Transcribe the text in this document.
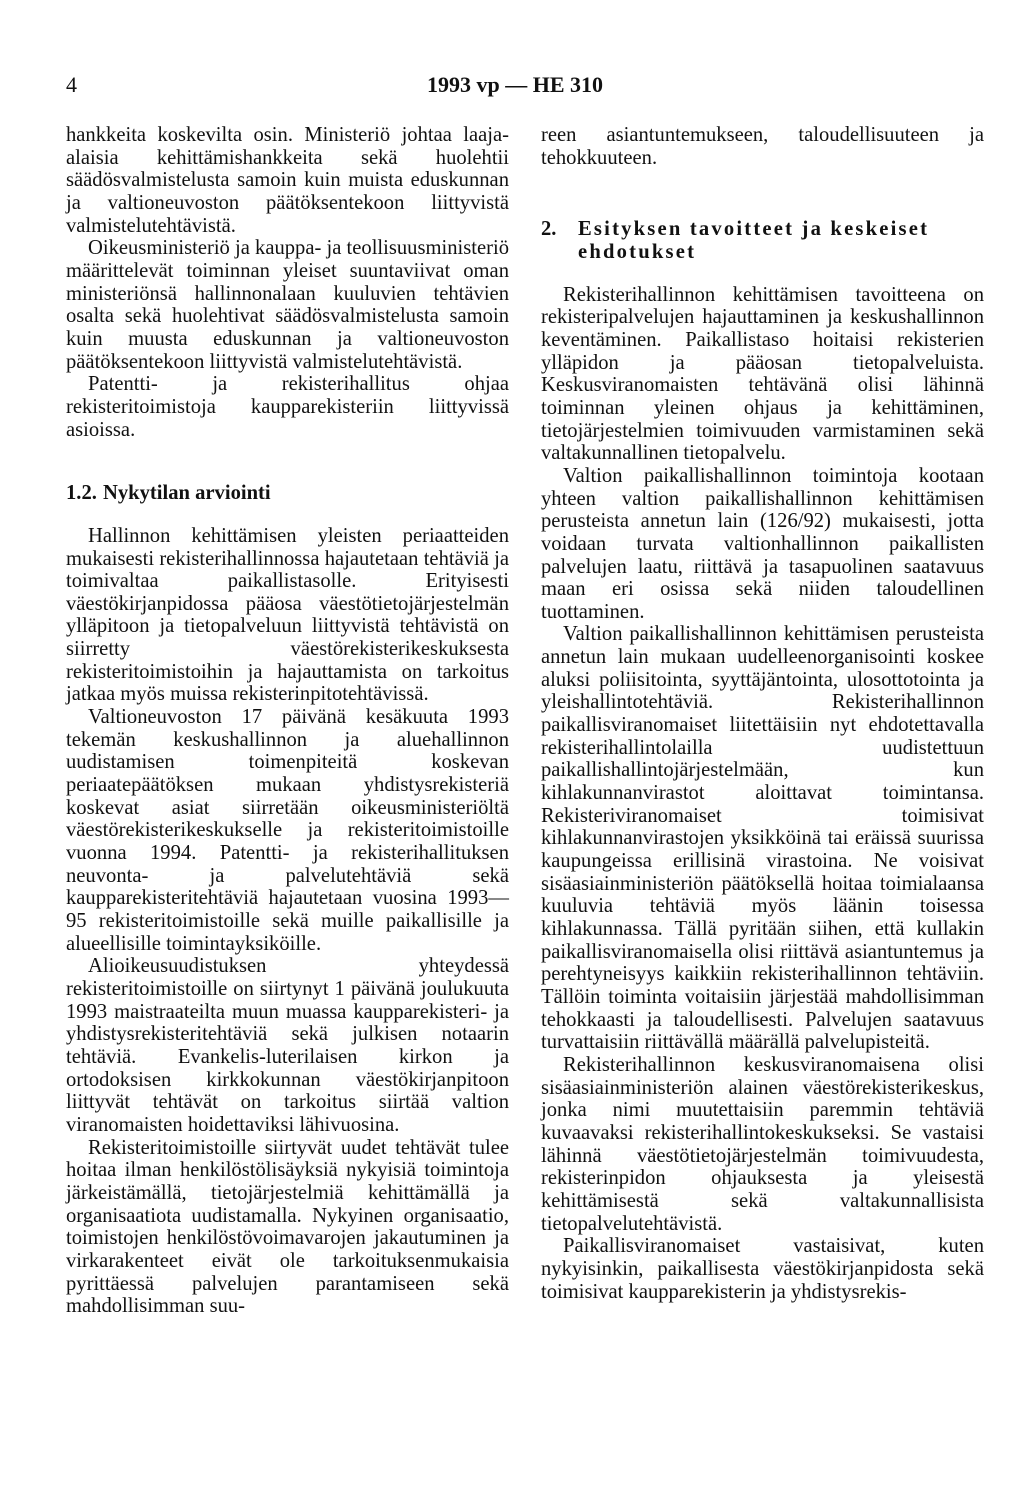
4	1993 vp — HE 310

hankkeita koskevilta osin. Ministeriö johtaa laaja-alaisia kehittämishankkeita sekä huolehtii säädösvalmistelusta samoin kuin muista eduskunnan ja valtioneuvoston päätöksentekoon liittyvistä valmistelutehtävistä.

Oikeusministeriö ja kauppa- ja teollisuusministeriö määrittelevät toiminnan yleiset suuntaviivat oman ministeriönsä hallinnonalaan kuuluvien tehtävien osalta sekä huolehtivat säädösvalmistelusta samoin kuin muusta eduskunnan ja valtioneuvoston päätöksentekoon liittyvistä valmistelutehtävistä.

Patentti- ja rekisterihallitus ohjaa rekisteritoimistoja kaupparekisteriin liittyvissä asioissa.

1.2. Nykytilan arviointi

Hallinnon kehittämisen yleisten periaatteiden mukaisesti rekisterihallinnossa hajautetaan tehtäviä ja toimivaltaa paikallistasolle. Erityisesti väestökirjanpidossa pääosa väestötietojärjestelmän ylläpitoon ja tietopalveluun liittyvistä tehtävistä on siirretty väestörekisterikeskuksesta rekisteritoimistoihin ja hajauttamista on tarkoitus jatkaa myös muissa rekisterinpitotehtävissä.

Valtioneuvoston 17 päivänä kesäkuuta 1993 tekemän keskushallinnon ja aluehallinnon uudistamisen toimenpiteitä koskevan periaatepäätöksen mukaan yhdistysrekisteriä koskevat asiat siirretään oikeusministeriöltä väestörekisterikeskukselle ja rekisteritoimistoille vuonna 1994. Patentti- ja rekisterihallituksen neuvonta- ja palvelutehtäviä sekä kaupparekisteritehtäviä hajautetaan vuosina 1993—95 rekisteritoimistoille sekä muille paikallisille ja alueellisille toimintayksiköille.

Alioikeusuudistuksen yhteydessä rekisteritoimistoille on siirtynyt 1 päivänä joulukuuta 1993 maistraateilta muun muassa kaupparekisteri- ja yhdistysrekisteritehtäviä sekä julkisen notaarin tehtäviä. Evankelis-luterilaisen kirkon ja ortodoksisen kirkkokunnan väestökirjanpitoon liittyvät tehtävät on tarkoitus siirtää valtion viranomaisten hoidettaviksi lähivuosina.

Rekisteritoimistoille siirtyvät uudet tehtävät tulee hoitaa ilman henkilöstölisäyksiä nykyisiä toimintoja järkeistämällä, tietojärjestelmiä kehittämällä ja organisaatiota uudistamalla. Nykyinen organisaatio, toimistojen henkilöstövoimavarojen jakautuminen ja virkarakenteet eivät ole tarkoituksenmukaisia pyrittäessä palvelujen parantamiseen sekä mahdollisimman suu-

reen asiantuntemukseen, taloudellisuuteen ja tehokkuuteen.

2. Esityksen tavoitteet ja keskeiset
ehdotukset

Rekisterihallinnon kehittämisen tavoitteena on rekisteripalvelujen hajauttaminen ja keskushallinnon keventäminen. Paikallistaso hoitaisi rekisterien ylläpidon ja pääosan tietopalveluista. Keskusviranomaisten tehtävänä olisi lähinnä toiminnan yleinen ohjaus ja kehittäminen, tietojärjestelmien toimivuuden varmistaminen sekä valtakunnallinen tietopalvelu.

Valtion paikallishallinnon toimintoja kootaan yhteen valtion paikallishallinnon kehittämisen perusteista annetun lain (126/92) mukaisesti, jotta voidaan turvata valtionhallinnon paikallisten palvelujen laatu, riittävä ja tasapuolinen saatavuus maan eri osissa sekä niiden taloudellinen tuottaminen.

Valtion paikallishallinnon kehittämisen perusteista annetun lain mukaan uudelleenorganisointi koskee aluksi poliisitointa, syyttäjäntointa, ulosottotointa ja yleishallintotehtäviä. Rekisterihallinnon paikallisviranomaiset liitettäisiin nyt ehdotettavalla rekisterihallintolailla uudistettuun paikallishallintojärjestelmään, kun kihlakunnanvirastot aloittavat toimintansa. Rekisteriviranomaiset toimisivat kihlakunnanvirastojen yksikköinä tai eräissä suurissa kaupungeissa erillisinä virastoina. Ne voisivat sisäasiainministeriön päätöksellä hoitaa toimialaansa kuuluvia tehtäviä myös läänin toisessa kihlakunnassa. Tällä pyritään siihen, että kullakin paikallisviranomaisella olisi riittävä asiantuntemus ja perehtyneisyys kaikkiin rekisterihallinnon tehtäviin. Tällöin toiminta voitaisiin järjestää mahdollisimman tehokkaasti ja taloudellisesti. Palvelujen saatavuus turvattaisiin riittävällä määrällä palvelupisteitä.

Rekisterihallinnon keskusviranomaisena olisi sisäasiainministeriön alainen väestörekisterikeskus, jonka nimi muutettaisiin paremmin tehtäviä kuvaavaksi rekisterihallintokeskukseksi. Se vastaisi lähinnä väestötietojärjestelmän toimivuudesta, rekisterinpidon ohjauksesta ja yleisestä kehittämisestä sekä valtakunnallisista tietopalvelutehtävistä.

Paikallisviranomaiset vastaisivat, kuten nykyisinkin, paikallisesta väestökirjanpidosta sekä toimisivat kaupparekisterin ja yhdistysrekis-
